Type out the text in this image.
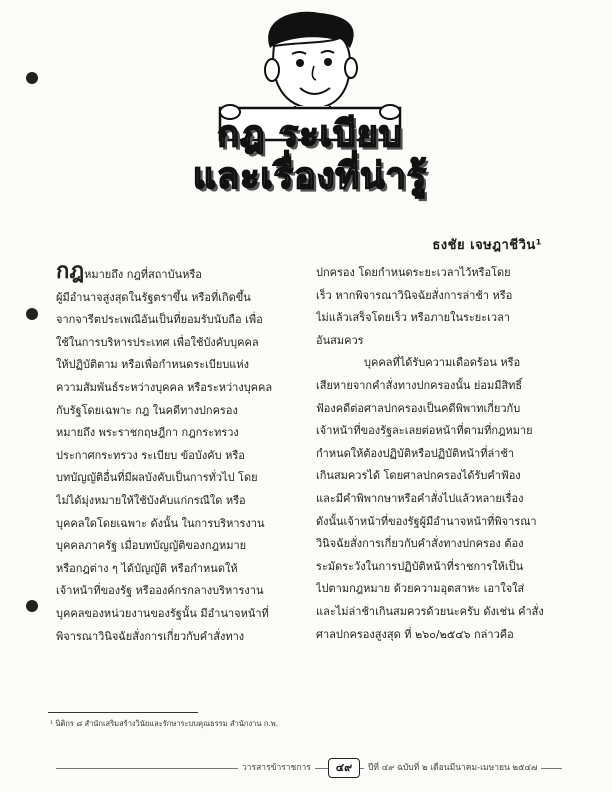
กฎ ระเบียบ
และเรื่องที่น่ารู้
ธงชัย เจษฎาชีวิน¹
กฎหมายถึง กฎที่สถาบันหรือ
ผู้มีอำนาจสูงสุดในรัฐตราขึ้น หรือที่เกิดขึ้น
จากจารีตประเพณีอันเป็นที่ยอมรับนับถือ เพื่อ
ใช้ในการบริหารประเทศ เพื่อใช้บังคับบุคคล
ให้ปฏิบัติตาม หรือเพื่อกำหนดระเบียบแห่ง
ความสัมพันธ์ระหว่างบุคคล หรือระหว่างบุคคล
กับรัฐโดยเฉพาะ กฎ ในคดีทางปกครอง
หมายถึง พระราชกฤษฎีกา กฎกระทรวง
ประกาศกระทรวง ระเบียบ ข้อบังคับ หรือ
บทบัญญัติอื่นที่มีผลบังคับเป็นการทั่วไป โดย
ไม่ได้มุ่งหมายให้ใช้บังคับแก่กรณีใด หรือ
บุคคลใดโดยเฉพาะ ดังนั้น ในการบริหารงาน
บุคคลภาครัฐ เมื่อบทบัญญัติของกฎหมาย
หรือกฎต่าง ๆ ได้บัญญัติ หรือกำหนดให้
เจ้าหน้าที่ของรัฐ หรือองค์กรกลางบริหารงาน
บุคคลของหน่วยงานของรัฐนั้น มีอำนาจหน้าที่
พิจารณาวินิจฉัยสั่งการเกี่ยวกับคำสั่งทาง
ปกครอง โดยกำหนดระยะเวลาไว้หรือโดย
เร็ว หากพิจารณาวินิจฉัยสั่งการล่าช้า หรือ
ไม่แล้วเสร็จโดยเร็ว หรือภายในระยะเวลา
อันสมควร
บุคคลที่ได้รับความเดือดร้อน หรือ
เสียหายจากคำสั่งทางปกครองนั้น ย่อมมีสิทธิ์
ฟ้องคดีต่อศาลปกครองเป็นคดีพิพาทเกี่ยวกับ
เจ้าหน้าที่ของรัฐละเลยต่อหน้าที่ตามที่กฎหมาย
กำหนดให้ต้องปฏิบัติหรือปฏิบัติหน้าที่ล่าช้า
เกินสมควรได้ โดยศาลปกครองได้รับคำฟ้อง
และมีคำพิพากษาหรือคำสั่งไปแล้วหลายเรื่อง
ดังนั้นเจ้าหน้าที่ของรัฐผู้มีอำนาจหน้าที่พิจารณา
วินิจฉัยสั่งการเกี่ยวกับคำสั่งทางปกครอง ต้อง
ระมัดระวังในการปฏิบัติหน้าที่ราชการให้เป็น
ไปตามกฎหมาย ด้วยความอุตสาหะ เอาใจใส่
และไม่ล่าช้าเกินสมควรด้วยนะครับ ดังเช่น คำสั่ง
ศาลปกครองสูงสุด ที่ ๒๖๐/๒๕๔๖ กล่าวคือ
¹ นิติกร ๘ สำนักเสริมสร้างวินัยและรักษาระบบคุณธรรม สำนักงาน ก.พ.
วารสารข้าราชการ	๔๙	ปีที่ ๔๙ ฉบับที่ ๒ เดือนมีนาคม-เมษายน ๒๕๔๗
